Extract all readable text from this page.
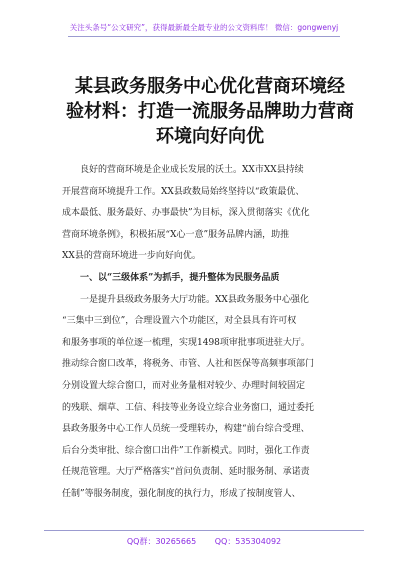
关注头条号“公文研究”，获得最新最全最专业的公文资料库！ 微信：gongwenyj
某县政务服务中心优化营商环境经
验材料：打造一流服务品牌助力营商
环境向好向优
良好的营商环境是企业成长发展的沃土。XX市XX县持续
开展营商环境提升工作。XX县政数局始终坚持以“政策最优、
成本最低、服务最好、办事最快”为目标，深入贯彻落实《优化
营商环境条例》，积极拓展“X心一意”服务品牌内涵，助推
XX县的营商环境进一步向好向优。
一、以“三级体系”为抓手，提升整体为民服务品质
一是提升县级政务服务大厅功能。XX县政务服务中心强化
“三集中三到位”，合理设置六个功能区，对全县具有许可权
和服务事项的单位逐一梳理，实现1498项审批事项进驻大厅。
推动综合窗口改革，将税务、市管、人社和医保等高频事项部门
分别设置大综合窗口，而对业务量相对较少、办理时间较固定
的残联、烟草、工信、科技等业务设立综合业务窗口，通过委托
县政务服务中心工作人员统一受理转办，构建“前台综合受理、
后台分类审批、综合窗口出件”工作新模式。同时，强化工作责
任规范管理。大厅严格落实“首问负责制、延时服务制、承诺责
任制”等服务制度，强化制度的执行力，形成了按制度管人、
QQ群：30265665 QQ：535304092
